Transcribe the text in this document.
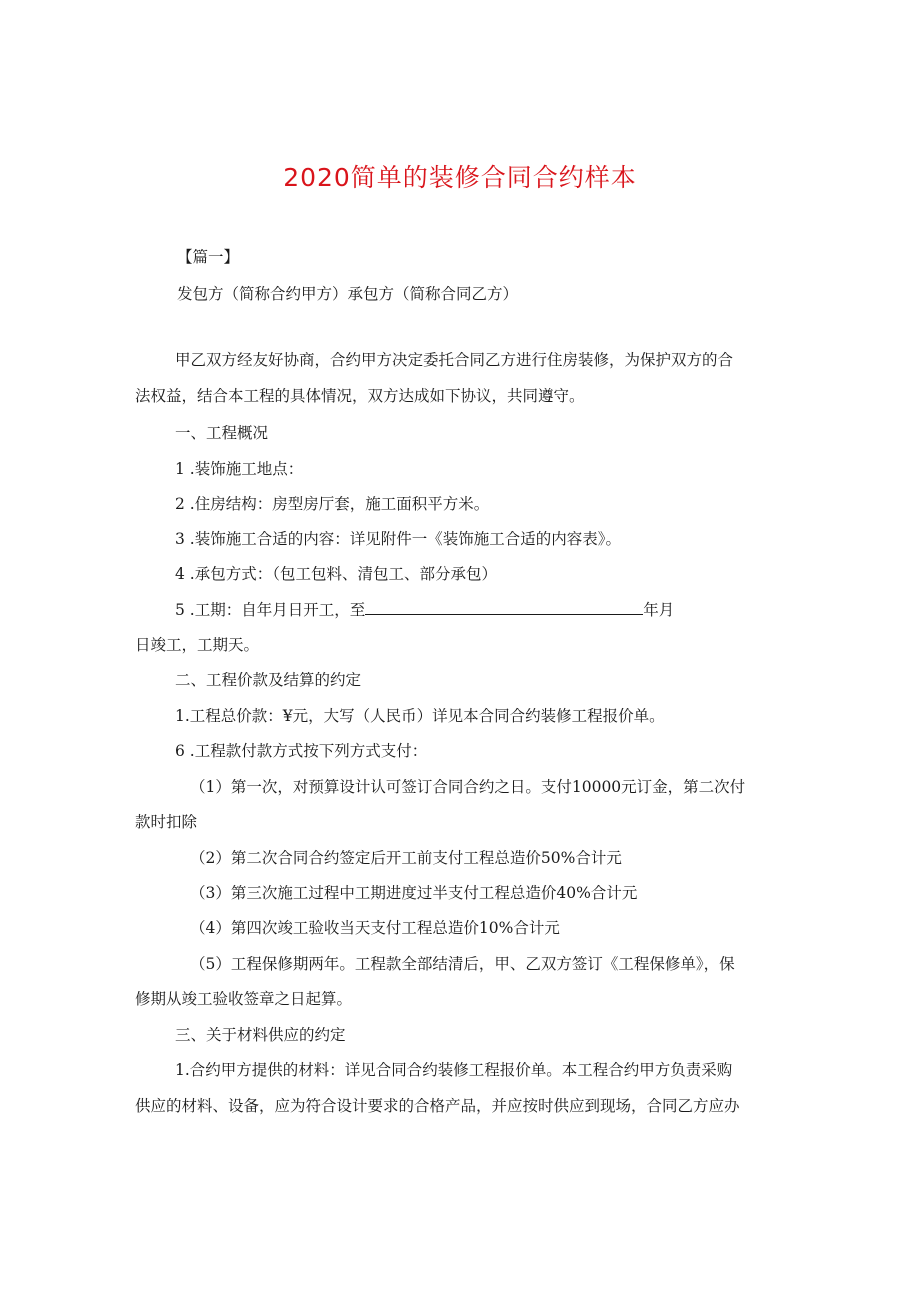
2020简单的装修合同合约样本
【篇一】
发包方（简称合约甲方）承包方（简称合同乙方）
甲乙双方经友好协商，合约甲方决定委托合同乙方进行住房装修，为保护双方的合
法权益，结合本工程的具体情况，双方达成如下协议，共同遵守。
一、工程概况
1 .装饰施工地点：
2 .住房结构：房型房厅套，施工面积平方米。
3 .装饰施工合适的内容：详见附件一《装饰施工合适的内容表》。
4 .承包方式：（包工包料、清包工、部分承包）
5 .工期：自年月日开工，至	年月
日竣工，工期天。
二、工程价款及结算的约定
1.工程总价款：¥元，大写（人民币）详见本合同合约装修工程报价单。
6 .工程款付款方式按下列方式支付：
（1）第一次，对预算设计认可签订合同合约之日。支付10000元订金，第二次付
款时扣除
（2）第二次合同合约签定后开工前支付工程总造价50%合计元
（3）第三次施工过程中工期进度过半支付工程总造价40%合计元
（4）第四次竣工验收当天支付工程总造价10%合计元
（5）工程保修期两年。工程款全部结清后，甲、乙双方签订《工程保修单》，保
修期从竣工验收签章之日起算。
三、关于材料供应的约定
1.合约甲方提供的材料：详见合同合约装修工程报价单。本工程合约甲方负责采购
供应的材料、设备，应为符合设计要求的合格产品，并应按时供应到现场，合同乙方应办
